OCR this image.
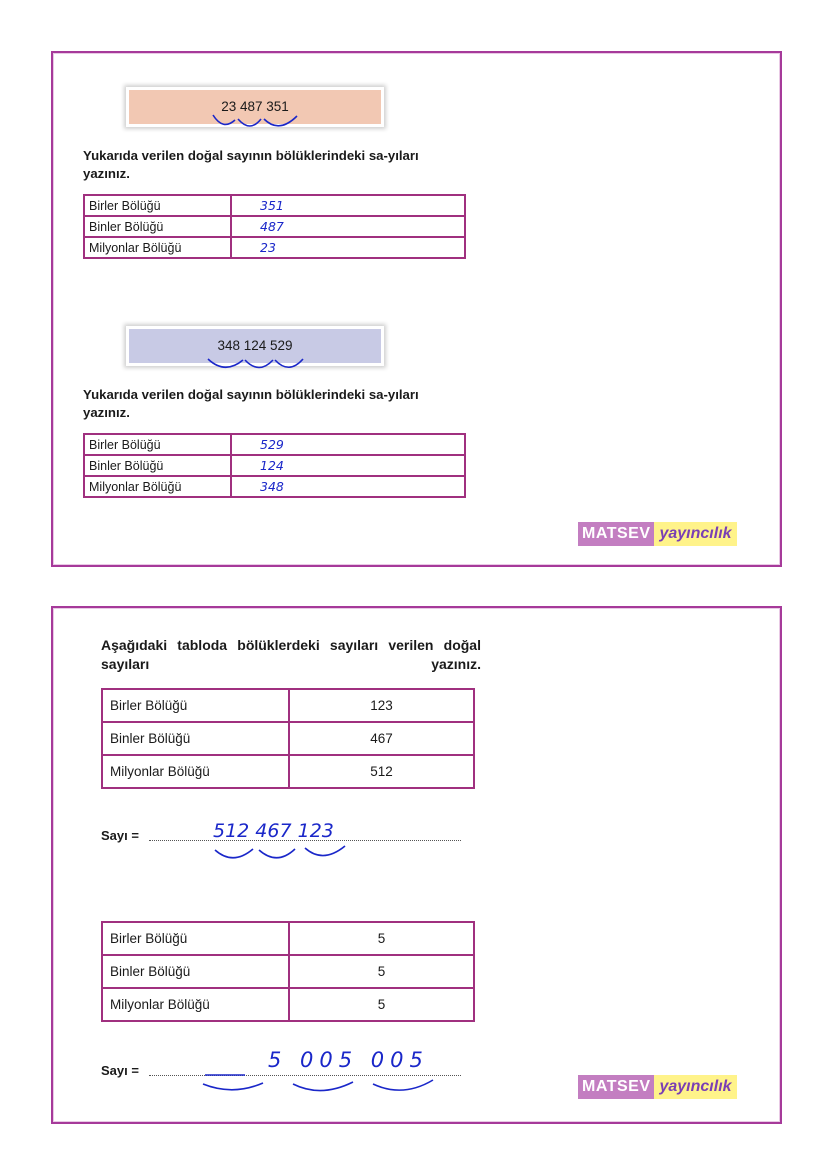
23 487 351
Yukarıda verilen doğal sayının bölüklerindeki sa-yıları yazınız.
Birler Bölüğü	351
Binler Bölüğü	487
Milyonlar Bölüğü	23
348 124 529
Yukarıda verilen doğal sayının bölüklerindeki sa-yıları yazınız.
Birler Bölüğü	529
Binler Bölüğü	124
Milyonlar Bölüğü	348
MATSEV yayıncılık
Aşağıdaki tabloda bölüklerdeki sayıları verilen doğal sayıları yazınız.
Birler Bölüğü	123
Binler Bölüğü	467
Milyonlar Bölüğü	512
Sayı =	512 467 123
Birler Bölüğü	5
Binler Bölüğü	5
Milyonlar Bölüğü	5
Sayı =	5 005 005
MATSEV yayıncılık
